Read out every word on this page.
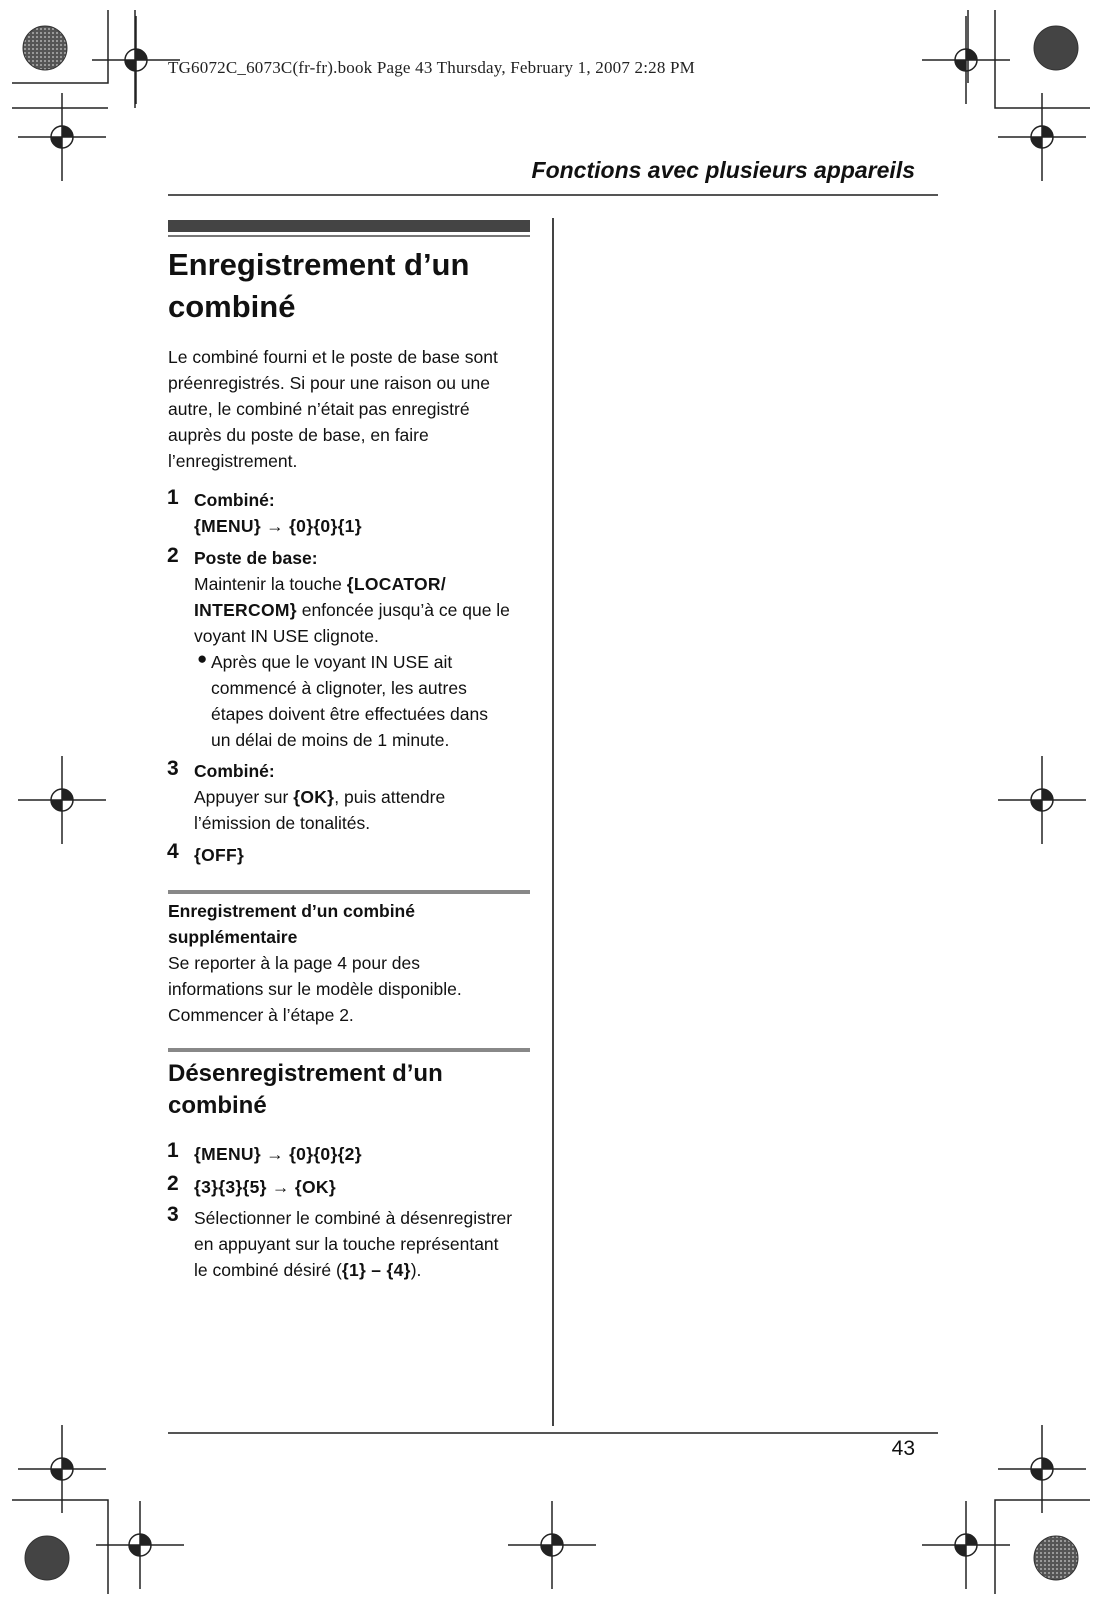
TG6072C_6073C(fr-fr).book Page 43 Thursday, February 1, 2007 2:28 PM
Fonctions avec plusieurs appareils
Enregistrement d’un
combiné
Le combiné fourni et le poste de base sont
préenregistrés. Si pour une raison ou une
autre, le combiné n’était pas enregistré
auprès du poste de base, en faire
l’enregistrement.
1 Combiné:
{MENU} → {0}{0}{1}
2 Poste de base:
Maintenir la touche {LOCATOR/
INTERCOM} enfoncée jusqu’à ce que le
voyant IN USE clignote.
● Après que le voyant IN USE ait
commencé à clignoter, les autres
étapes doivent être effectuées dans
un délai de moins de 1 minute.
3 Combiné:
Appuyer sur {OK}, puis attendre
l’émission de tonalités.
4 {OFF}
Enregistrement d’un combiné
supplémentaire
Se reporter à la page 4 pour des
informations sur le modèle disponible.
Commencer à l’étape 2.
Désenregistrement d’un
combiné
1 {MENU} → {0}{0}{2}
2 {3}{3}{5} → {OK}
3 Sélectionner le combiné à désenregistrer
en appuyant sur la touche représentant
le combiné désiré ({1} – {4}).
43
